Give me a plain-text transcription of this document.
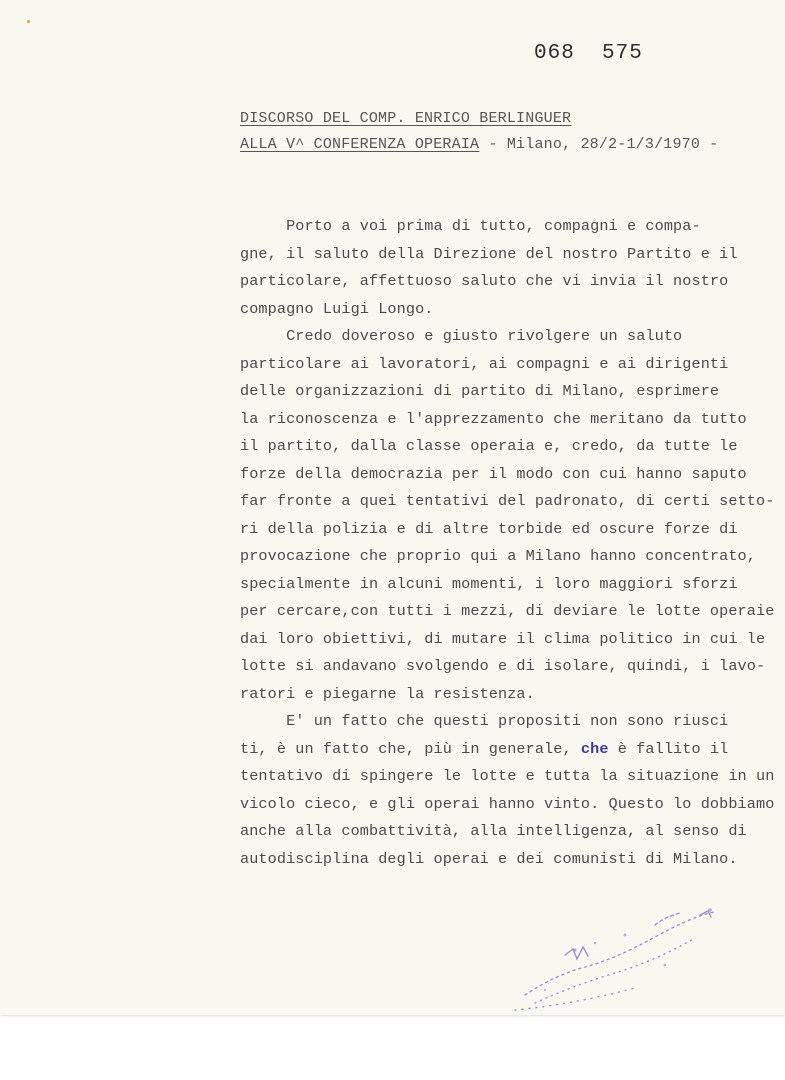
068  575
DISCORSO DEL COMP. ENRICO BERLINGUER
ALLA V^ CONFERENZA OPERAIA - Milano, 28/2-1/3/1970 -
Porto a voi prima di tutto, compagni e compa-
gne, il saluto della Direzione del nostro Partito e il
particolare, affettuoso saluto che vi invia il nostro
compagno Luigi Longo.
Credo doveroso e giusto rivolgere un saluto
particolare ai lavoratori, ai compagni e ai dirigenti
delle organizzazioni di partito di Milano, esprimere
la riconoscenza e l'apprezzamento che meritano da tutto
il partito, dalla classe operaia e, credo, da tutte le
forze della democrazia per il modo con cui hanno saputo
far fronte a quei tentativi del padronato, di certi setto-
ri della polizia e di altre torbide ed oscure forze di
provocazione che proprio qui a Milano hanno concentrato,
specialmente in alcuni momenti, i loro maggiori sforzi
per cercare,con tutti i mezzi, di deviare le lotte operaie
dai loro obiettivi, di mutare il clima politico in cui le
lotte si andavano svolgendo e di isolare, quindi, i lavo-
ratori e piegarne la resistenza.
E' un fatto che questi propositi non sono riusci
ti, è un fatto che, più in generale, che è fallito il
tentativo di spingere le lotte e tutta la situazione in un
vicolo cieco, e gli operai hanno vinto. Questo lo dobbiamo
anche alla combattività, alla intelligenza, al senso di
autodisciplina degli operai e dei comunisti di Milano.
